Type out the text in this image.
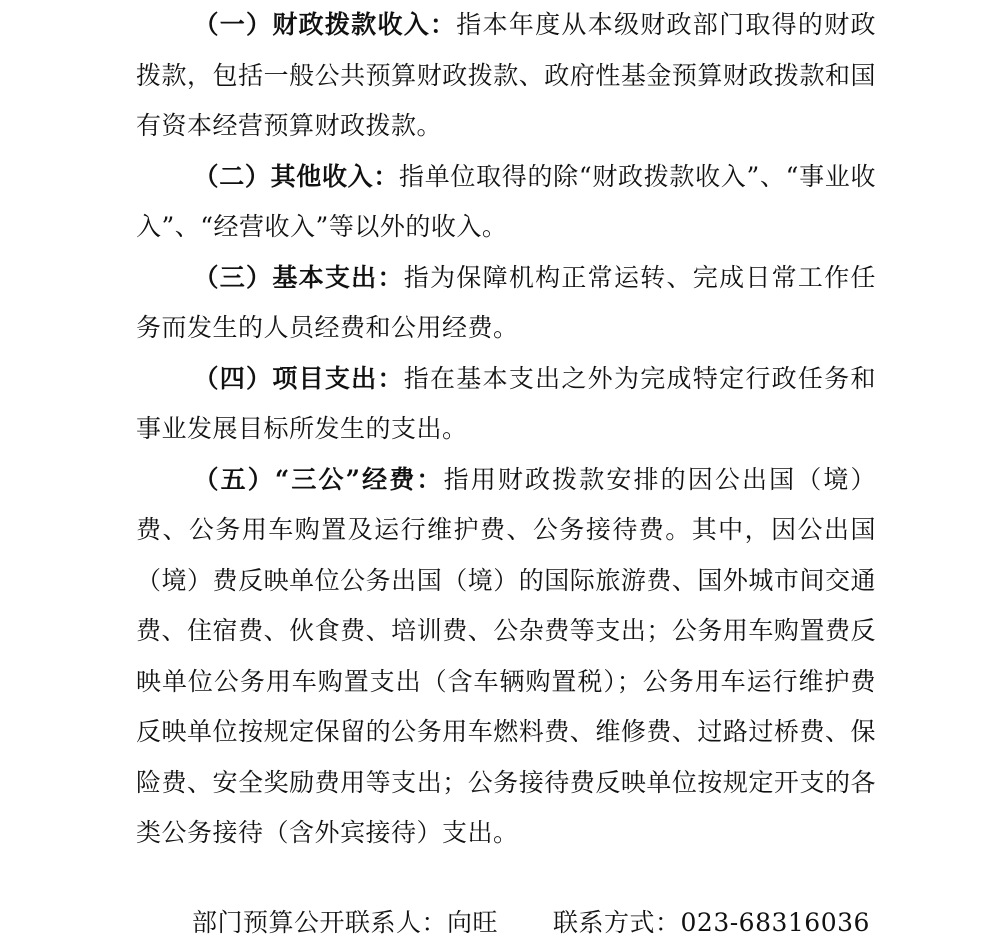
（一）财政拨款收入：指本年度从本级财政部门取得的财政拨款，包括一般公共预算财政拨款、政府性基金预算财政拨款和国有资本经营预算财政拨款。

（二）其他收入：指单位取得的除“财政拨款收入”、“事业收入”、“经营收入”等以外的收入。

（三）基本支出：指为保障机构正常运转、完成日常工作任务而发生的人员经费和公用经费。

（四）项目支出：指在基本支出之外为完成特定行政任务和事业发展目标所发生的支出。

（五）“三公”经费：指用财政拨款安排的因公出国（境）费、公务用车购置及运行维护费、公务接待费。其中，因公出国（境）费反映单位公务出国（境）的国际旅游费、国外城市间交通费、住宿费、伙食费、培训费、公杂费等支出；公务用车购置费反映单位公务用车购置支出（含车辆购置税）；公务用车运行维护费反映单位按规定保留的公务用车燃料费、维修费、过路过桥费、保险费、安全奖励费用等支出；公务接待费反映单位按规定开支的各类公务接待（含外宾接待）支出。

部门预算公开联系人：向旺 联系方式：023-68316036
